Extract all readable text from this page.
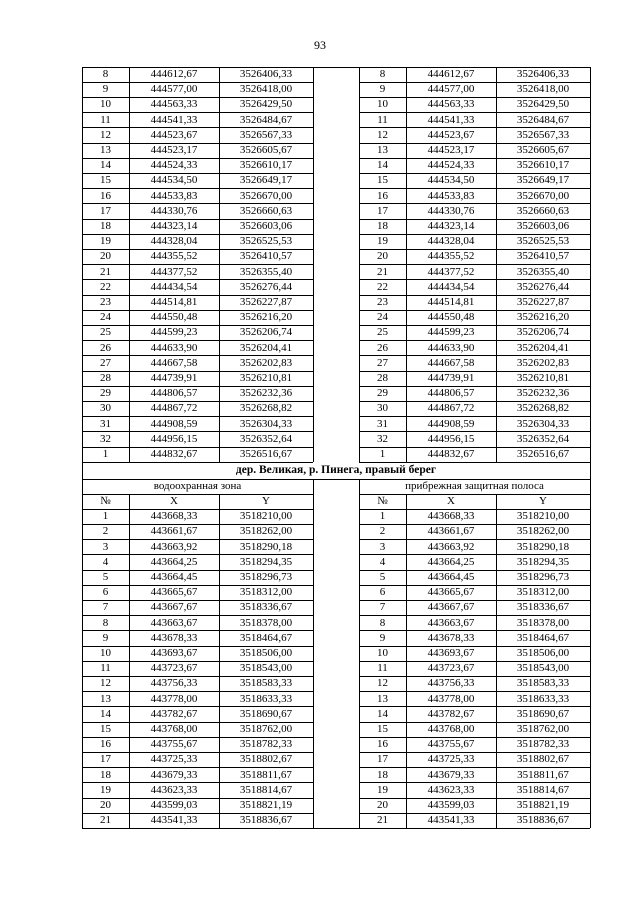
93
8	444612,67	3526406,33	8	444612,67	3526406,33
9	444577,00	3526418,00	9	444577,00	3526418,00
10	444563,33	3526429,50	10	444563,33	3526429,50
11	444541,33	3526484,67	11	444541,33	3526484,67
12	444523,67	3526567,33	12	444523,67	3526567,33
13	444523,17	3526605,67	13	444523,17	3526605,67
14	444524,33	3526610,17	14	444524,33	3526610,17
15	444534,50	3526649,17	15	444534,50	3526649,17
16	444533,83	3526670,00	16	444533,83	3526670,00
17	444330,76	3526660,63	17	444330,76	3526660,63
18	444323,14	3526603,06	18	444323,14	3526603,06
19	444328,04	3526525,53	19	444328,04	3526525,53
20	444355,52	3526410,57	20	444355,52	3526410,57
21	444377,52	3526355,40	21	444377,52	3526355,40
22	444434,54	3526276,44	22	444434,54	3526276,44
23	444514,81	3526227,87	23	444514,81	3526227,87
24	444550,48	3526216,20	24	444550,48	3526216,20
25	444599,23	3526206,74	25	444599,23	3526206,74
26	444633,90	3526204,41	26	444633,90	3526204,41
27	444667,58	3526202,83	27	444667,58	3526202,83
28	444739,91	3526210,81	28	444739,91	3526210,81
29	444806,57	3526232,36	29	444806,57	3526232,36
30	444867,72	3526268,82	30	444867,72	3526268,82
31	444908,59	3526304,33	31	444908,59	3526304,33
32	444956,15	3526352,64	32	444956,15	3526352,64
1	444832,67	3526516,67	1	444832,67	3526516,67
дер. Великая, р. Пинега, правый берег
водоохранная зона	прибрежная защитная полоса
№	X	Y	№	X	Y
1	443668,33	3518210,00	1	443668,33	3518210,00
2	443661,67	3518262,00	2	443661,67	3518262,00
3	443663,92	3518290,18	3	443663,92	3518290,18
4	443664,25	3518294,35	4	443664,25	3518294,35
5	443664,45	3518296,73	5	443664,45	3518296,73
6	443665,67	3518312,00	6	443665,67	3518312,00
7	443667,67	3518336,67	7	443667,67	3518336,67
8	443663,67	3518378,00	8	443663,67	3518378,00
9	443678,33	3518464,67	9	443678,33	3518464,67
10	443693,67	3518506,00	10	443693,67	3518506,00
11	443723,67	3518543,00	11	443723,67	3518543,00
12	443756,33	3518583,33	12	443756,33	3518583,33
13	443778,00	3518633,33	13	443778,00	3518633,33
14	443782,67	3518690,67	14	443782,67	3518690,67
15	443768,00	3518762,00	15	443768,00	3518762,00
16	443755,67	3518782,33	16	443755,67	3518782,33
17	443725,33	3518802,67	17	443725,33	3518802,67
18	443679,33	3518811,67	18	443679,33	3518811,67
19	443623,33	3518814,67	19	443623,33	3518814,67
20	443599,03	3518821,19	20	443599,03	3518821,19
21	443541,33	3518836,67	21	443541,33	3518836,67
